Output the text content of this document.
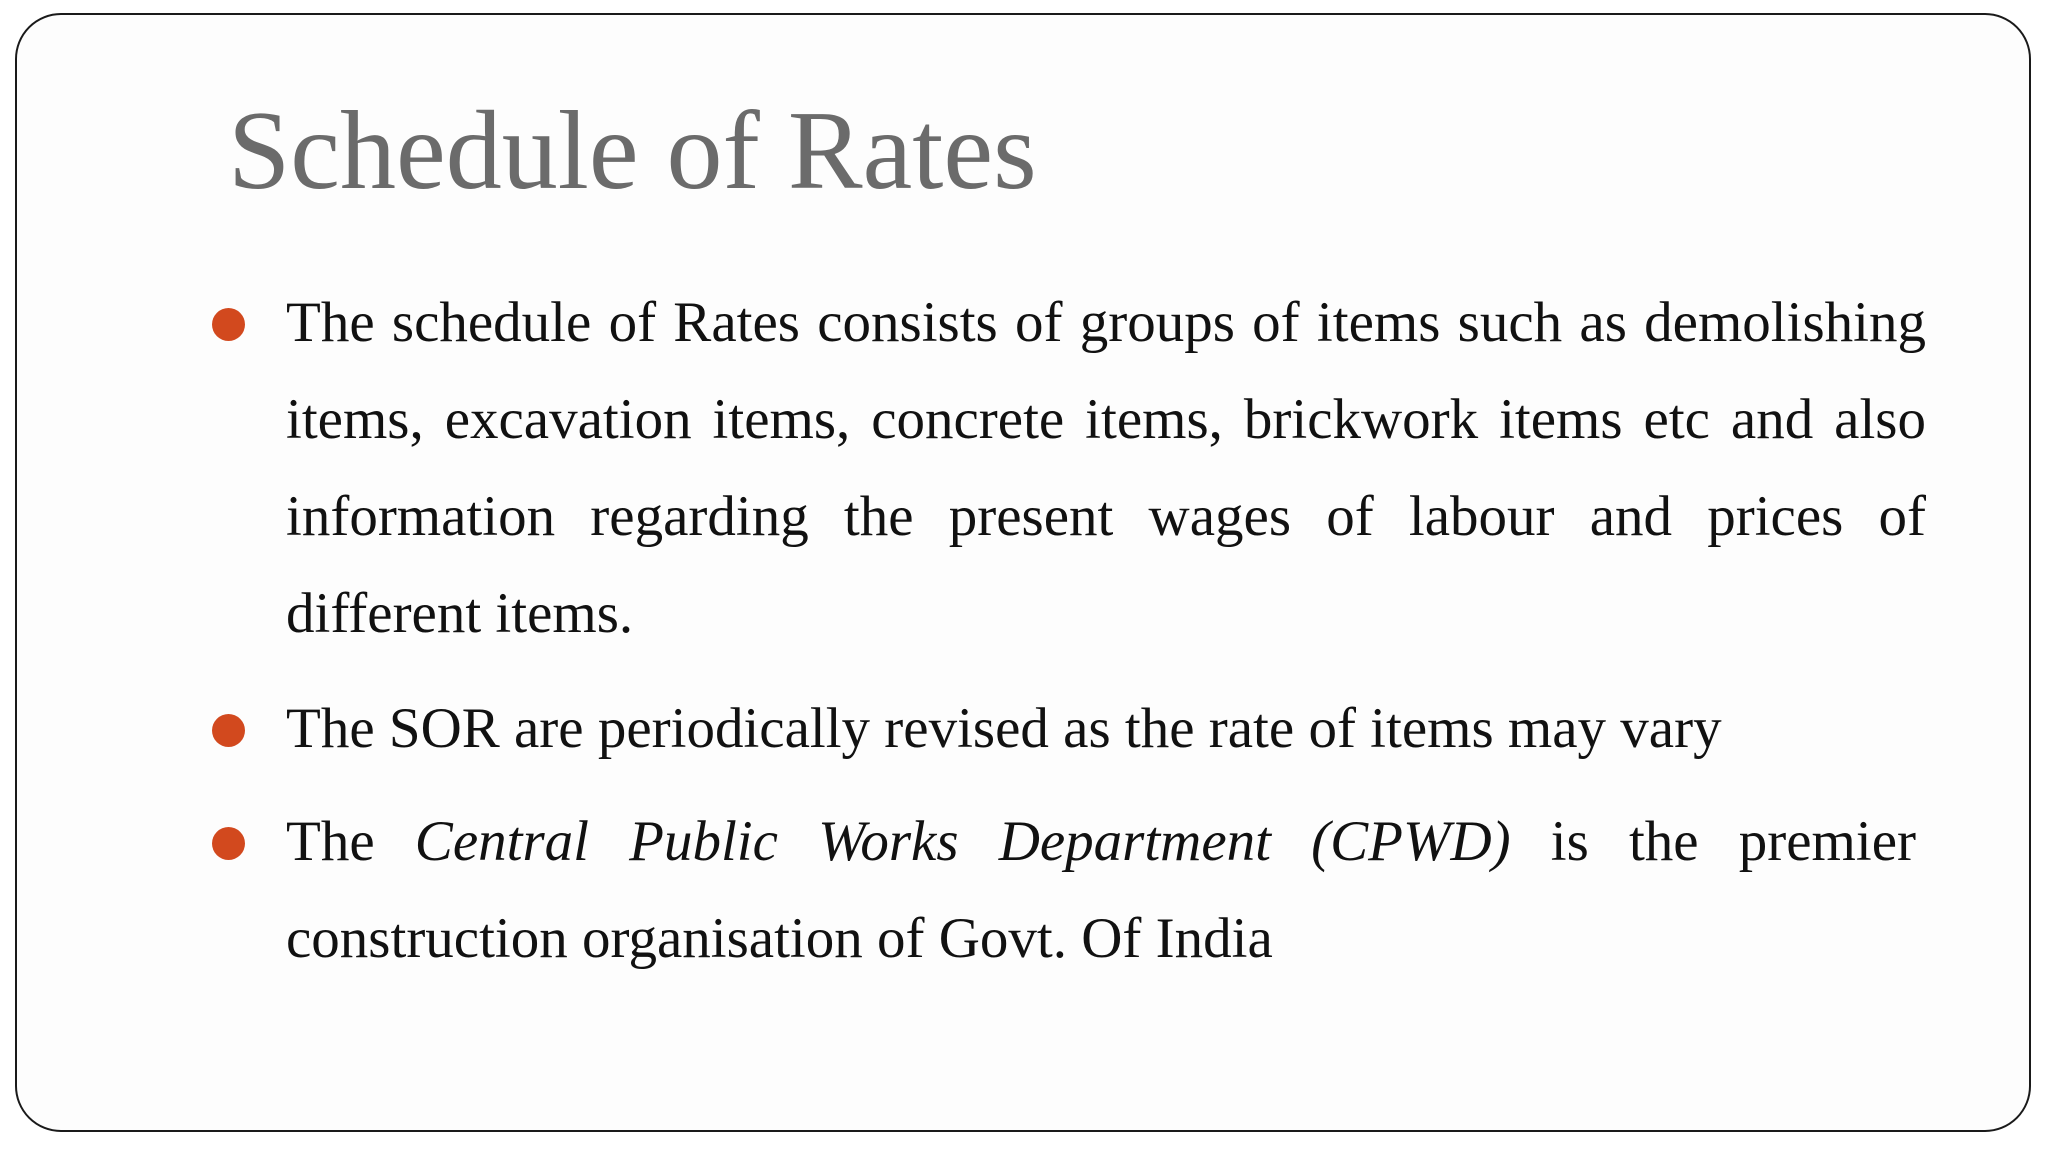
Schedule of Rates

The schedule of Rates consists of groups of items such as demolishing items, excavation items, concrete items, brickwork items etc and also information regarding the present wages of labour and prices of different items.

The SOR are periodically revised as the rate of items may vary

The Central Public Works Department (CPWD) is the premier construction organisation of Govt. Of India
